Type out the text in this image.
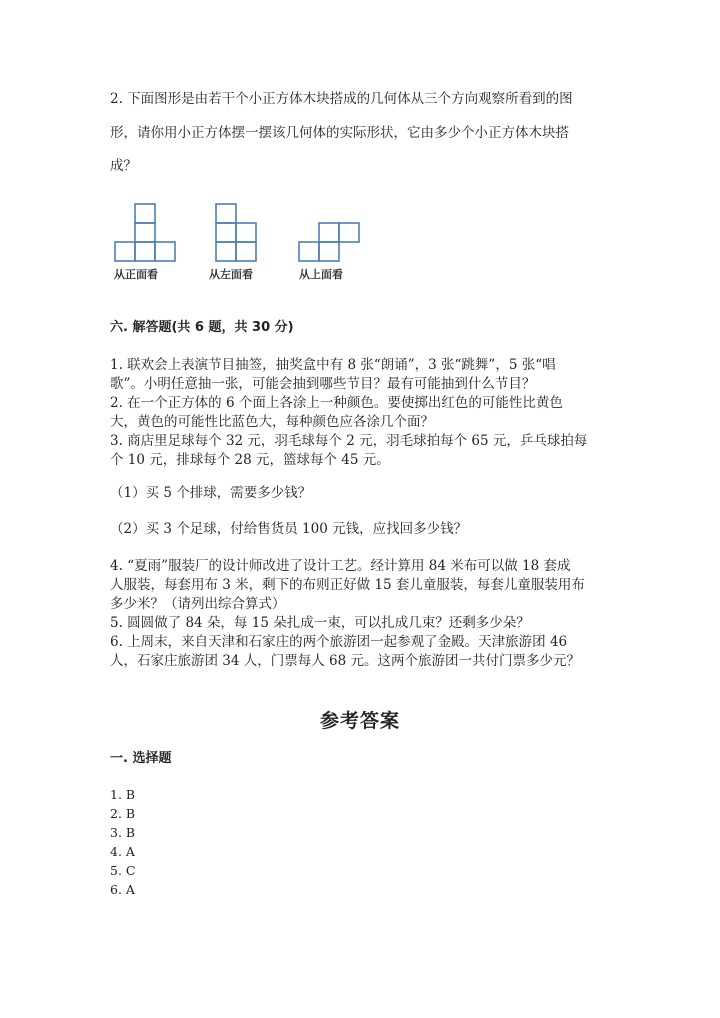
2. 下面图形是由若干个小正方体木块搭成的几何体从三个方向观察所看到的图
形，请你用小正方体摆一摆该几何体的实际形状，它由多少个小正方体木块搭
成？
从正面看	从左面看	从上面看
六. 解答题(共 6 题，共 30 分)
1. 联欢会上表演节目抽签，抽奖盒中有 8 张“朗诵”，3 张“跳舞”，5 张“唱
歌”。小明任意抽一张，可能会抽到哪些节目？最有可能抽到什么节目？
2. 在一个正方体的 6 个面上各涂上一种颜色。要使掷出红色的可能性比黄色
大，黄色的可能性比蓝色大，每种颜色应各涂几个面？
3. 商店里足球每个 32 元，羽毛球每个 2 元，羽毛球拍每个 65 元，乒乓球拍每
个 10 元，排球每个 28 元，篮球每个 45 元。
（1）买 5 个排球，需要多少钱？
（2）买 3 个足球，付给售货员 100 元钱，应找回多少钱？
4. “夏雨”服装厂的设计师改进了设计工艺。经计算用 84 米布可以做 18 套成
人服装，每套用布 3 米，剩下的布则正好做 15 套儿童服装，每套儿童服装用布
多少米？（请列出综合算式）
5. 圆圆做了 84 朵，每 15 朵扎成一束，可以扎成几束？还剩多少朵？
6. 上周末，来自天津和石家庄的两个旅游团一起参观了金殿。天津旅游团 46
人，石家庄旅游团 34 人，门票每人 68 元。这两个旅游团一共付门票多少元？
参考答案
一. 选择题
1. B
2. B
3. B
4. A
5. C
6. A
